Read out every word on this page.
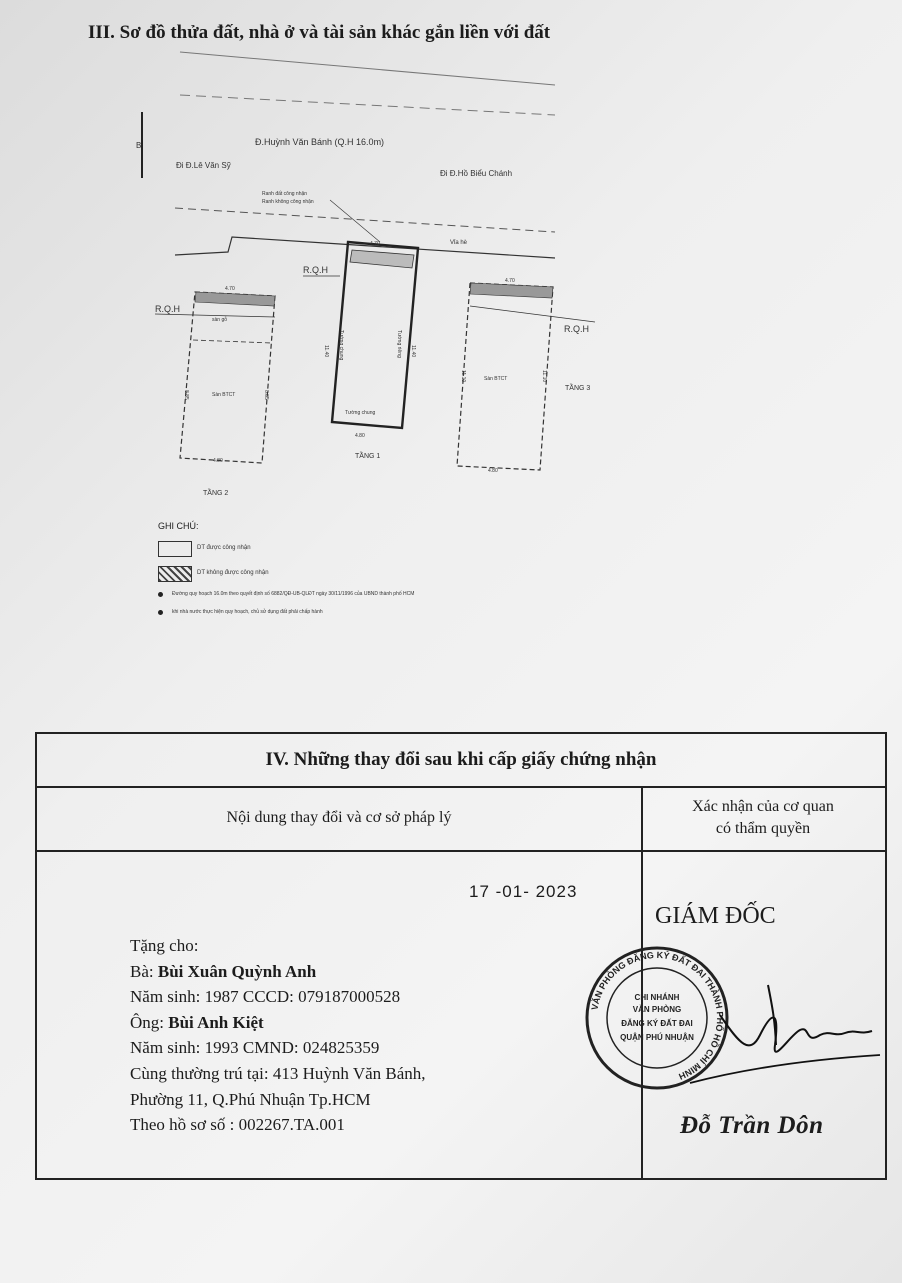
III. Sơ đồ thửa đất, nhà ở và tài sản khác gắn liền với đất
B	Đ.Huỳnh Văn Bánh (Q.H 16.0m)
Đi Đ.Lê Văn Sỹ
Đi Đ.Hồ Biểu Chánh
Ranh đất công nhận
Ranh không công nhận
Vỉa hè
R.Q.H
4.70
4.80
11.40	11.40
Tường chung	Tường riêng
Tường chung
TẦNG 1
R.Q.H
4.70
sàn gỗ
Sàn BTCT
8.85	8.85
4.80
TẦNG 2
R.Q.H
4.70
Sàn BTCT
11.10	11.10
4.80
TẦNG 3
GHI CHÚ:
DT được công nhận
DT không được công nhận
Đường quy hoạch 16.0m theo quyết định số 6882/QĐ-UB-QLĐT ngày 30/11/1996 của UBND thành phố HCM
khi nhà nước thực hiện quy hoạch, chủ sử dụng đất phải chấp hành
IV. Những thay đổi sau khi cấp giấy chứng nhận
Nội dung thay đổi và cơ sở pháp lý
Xác nhận của cơ quan
có thẩm quyền
17 -01- 2023
Tặng cho:
Bà: Bùi Xuân Quỳnh Anh
Năm sinh: 1987 CCCD: 079187000528
Ông: Bùi Anh Kiệt
Năm sinh: 1993 CMND: 024825359
Cùng thường trú tại: 413 Huỳnh Văn Bánh,
Phường 11, Q.Phú Nhuận Tp.HCM
Theo hồ sơ số : 002267.TA.001
GIÁM ĐỐC
VĂN PHÒNG ĐĂNG KÝ ĐẤT ĐAI THÀNH PHỐ HỒ CHÍ MINH
CHI NHÁNH
VĂN PHÒNG
ĐĂNG KÝ ĐẤT ĐAI
QUẬN PHÚ NHUẬN
Đỗ Trần Dôn
